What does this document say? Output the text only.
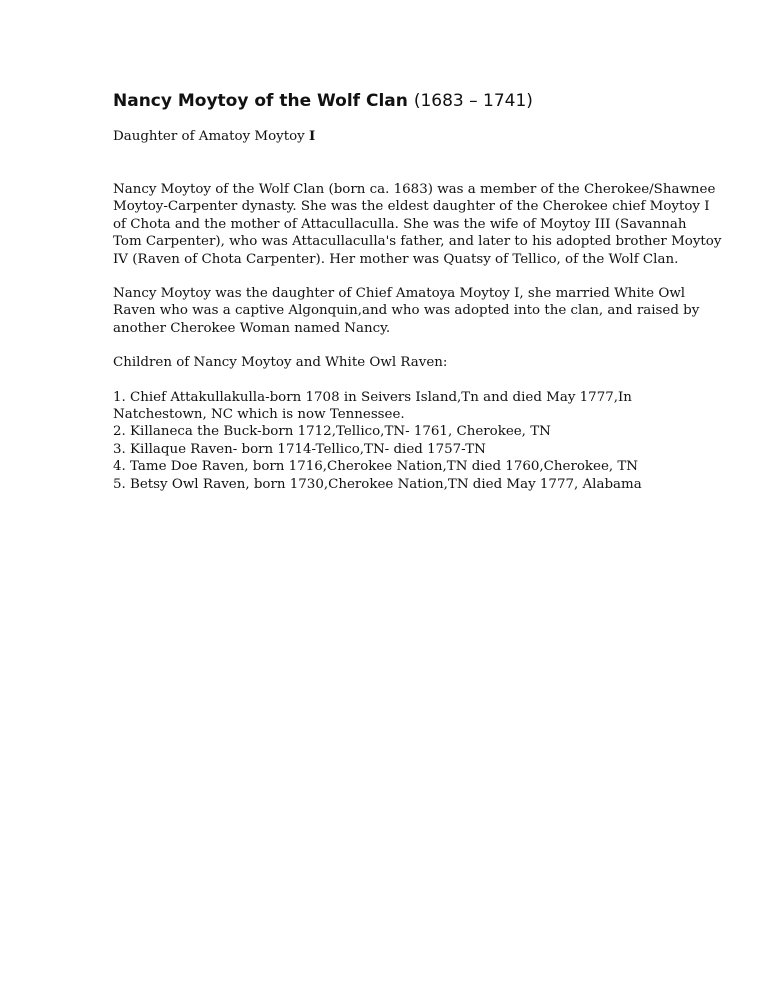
Nancy Moytoy of the Wolf Clan (1683 – 1741)

Daughter of Amatoy Moytoy I

Nancy Moytoy of the Wolf Clan (born ca. 1683) was a member of the Cherokee/Shawnee
Moytoy-Carpenter dynasty. She was the eldest daughter of the Cherokee chief Moytoy I
of Chota and the mother of Attacullaculla. She was the wife of Moytoy III (Savannah
Tom Carpenter), who was Attacullaculla's father, and later to his adopted brother Moytoy
IV (Raven of Chota Carpenter). Her mother was Quatsy of Tellico, of the Wolf Clan.

Nancy Moytoy was the daughter of Chief Amatoya Moytoy I, she married White Owl
Raven who was a captive Algonquin,and who was adopted into the clan, and raised by
another Cherokee Woman named Nancy.

Children of Nancy Moytoy and White Owl Raven:

1. Chief Attakullakulla-born 1708 in Seivers Island,Tn and died May 1777,In
Natchestown, NC which is now Tennessee.
2. Killaneca the Buck-born 1712,Tellico,TN- 1761, Cherokee, TN
3. Killaque Raven- born 1714-Tellico,TN- died 1757-TN
4. Tame Doe Raven, born 1716,Cherokee Nation,TN died 1760,Cherokee, TN
5. Betsy Owl Raven, born 1730,Cherokee Nation,TN died May 1777, Alabama
